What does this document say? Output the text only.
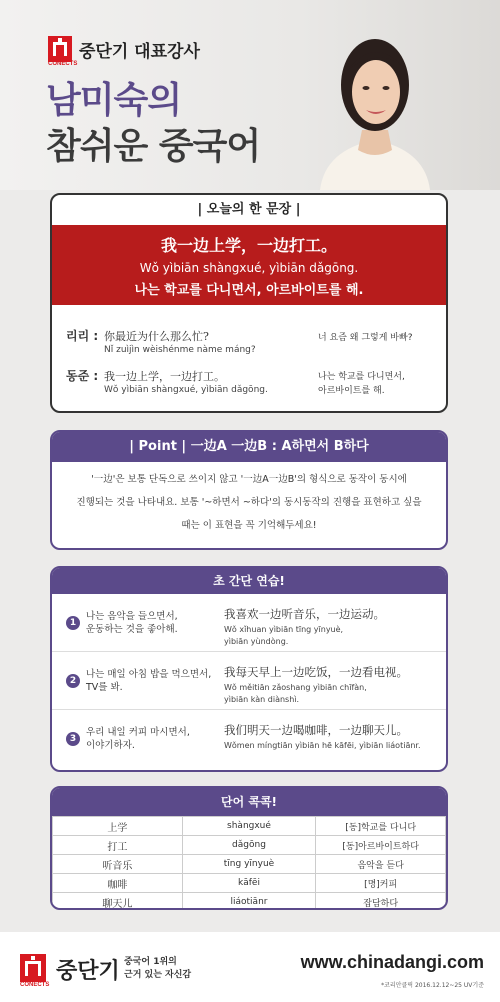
중단기 대표강사
CONECTS
남미숙의
참쉬운 중국어
| 오늘의 한 문장 |
我一边上学，一边打工。
Wǒ yìbiān shàngxué, yìbiān dǎgōng.
나는 학교를 다니면서, 아르바이트를 해.
리리 : 你最近为什么那么忙?
Nǐ zuìjìn wèishénme nàme máng?
너 요즘 왜 그렇게 바빠?
동준 : 我一边上学，一边打工。
Wǒ yìbiān shàngxué, yìbiān dǎgōng.
나는 학교를 다니면서,
아르바이트를 해.
| Point | 一边A 一边B : A하면서 B하다
'一边'은 보통 단독으로 쓰이지 않고 '一边A一边B'의 형식으로 동작이 동시에
진행되는 것을 나타내요. 보통 '~하면서 ~하다'의 동시동작의 진행을 표현하고 싶을
때는 이 표현을 꼭 기억해두세요!
초 간단 연습!
1
나는 음악을 들으면서,
운동하는 것을 좋아해.
我喜欢一边听音乐，一边运动。
Wǒ xǐhuan yìbiān tīng yīnyuè,
yìbiān yùndòng.
2
나는 매일 아침 밥을 먹으면서,
TV를 봐.
我每天早上一边吃饭，一边看电视。
Wǒ měitiān zǎoshang yìbiān chīfàn,
yìbiān kàn diànshì.
3
우리 내일 커피 마시면서,
이야기하자.
我们明天一边喝咖啡，一边聊天儿。
Wǒmen míngtiān yìbiān hē kāfēi, yìbiān liáotiānr.
단어 콕콕!
上学	shàngxué	[동]학교를 다니다
打工	dǎgōng	[동]아르바이트하다
听音乐	tīng yīnyuè	음악을 듣다
咖啡	kāfēi	[명]커피
聊天儿	liáotiānr	잡담하다
CONECTS
중단기 중국어 1위의
근거 있는 자신감
www.chinadangi.com
*코리안클릭 2016.12.12~25 UV기준
